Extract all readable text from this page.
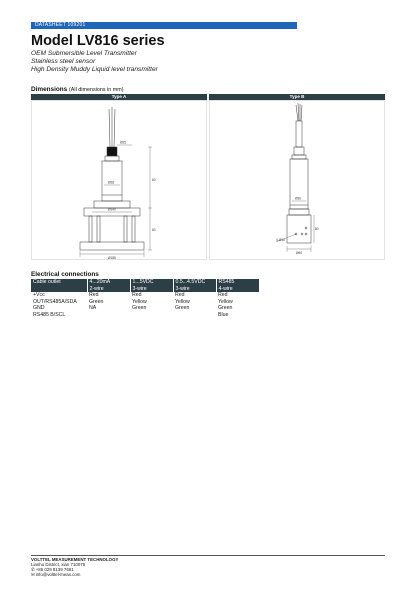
DATASHEET 109201
Model LV816 series
OEM Submersible Level Transmitter
Stainless steel sensor
High Density Muddy Liquid level transmitter
Dimensions (All dimensions in mm)
Type A	Type B
Ø25
Ø28
Ø140
60
Ø185
60
Ø30
4-Ø10
80
Ø60
Electrical connections
Cable outlet	4...20mA	1...5VDC	0.5...4.5VDC	RS485
	2-wire	3-wire	3-wire	4-wire
+Vcc	Red	Red	Red	Red
OUT/RS485A/SDA	Green	Yellow	Yellow	Yellow
GND	NA	Green	Green	Green
RS485 B/SCL				Blue
VOLTTEL MEASUREMENT TECHNOLOGY
Lianhu District, xian 710075
✆+86 029 8139 7661
✉info@volttel-meas.com
